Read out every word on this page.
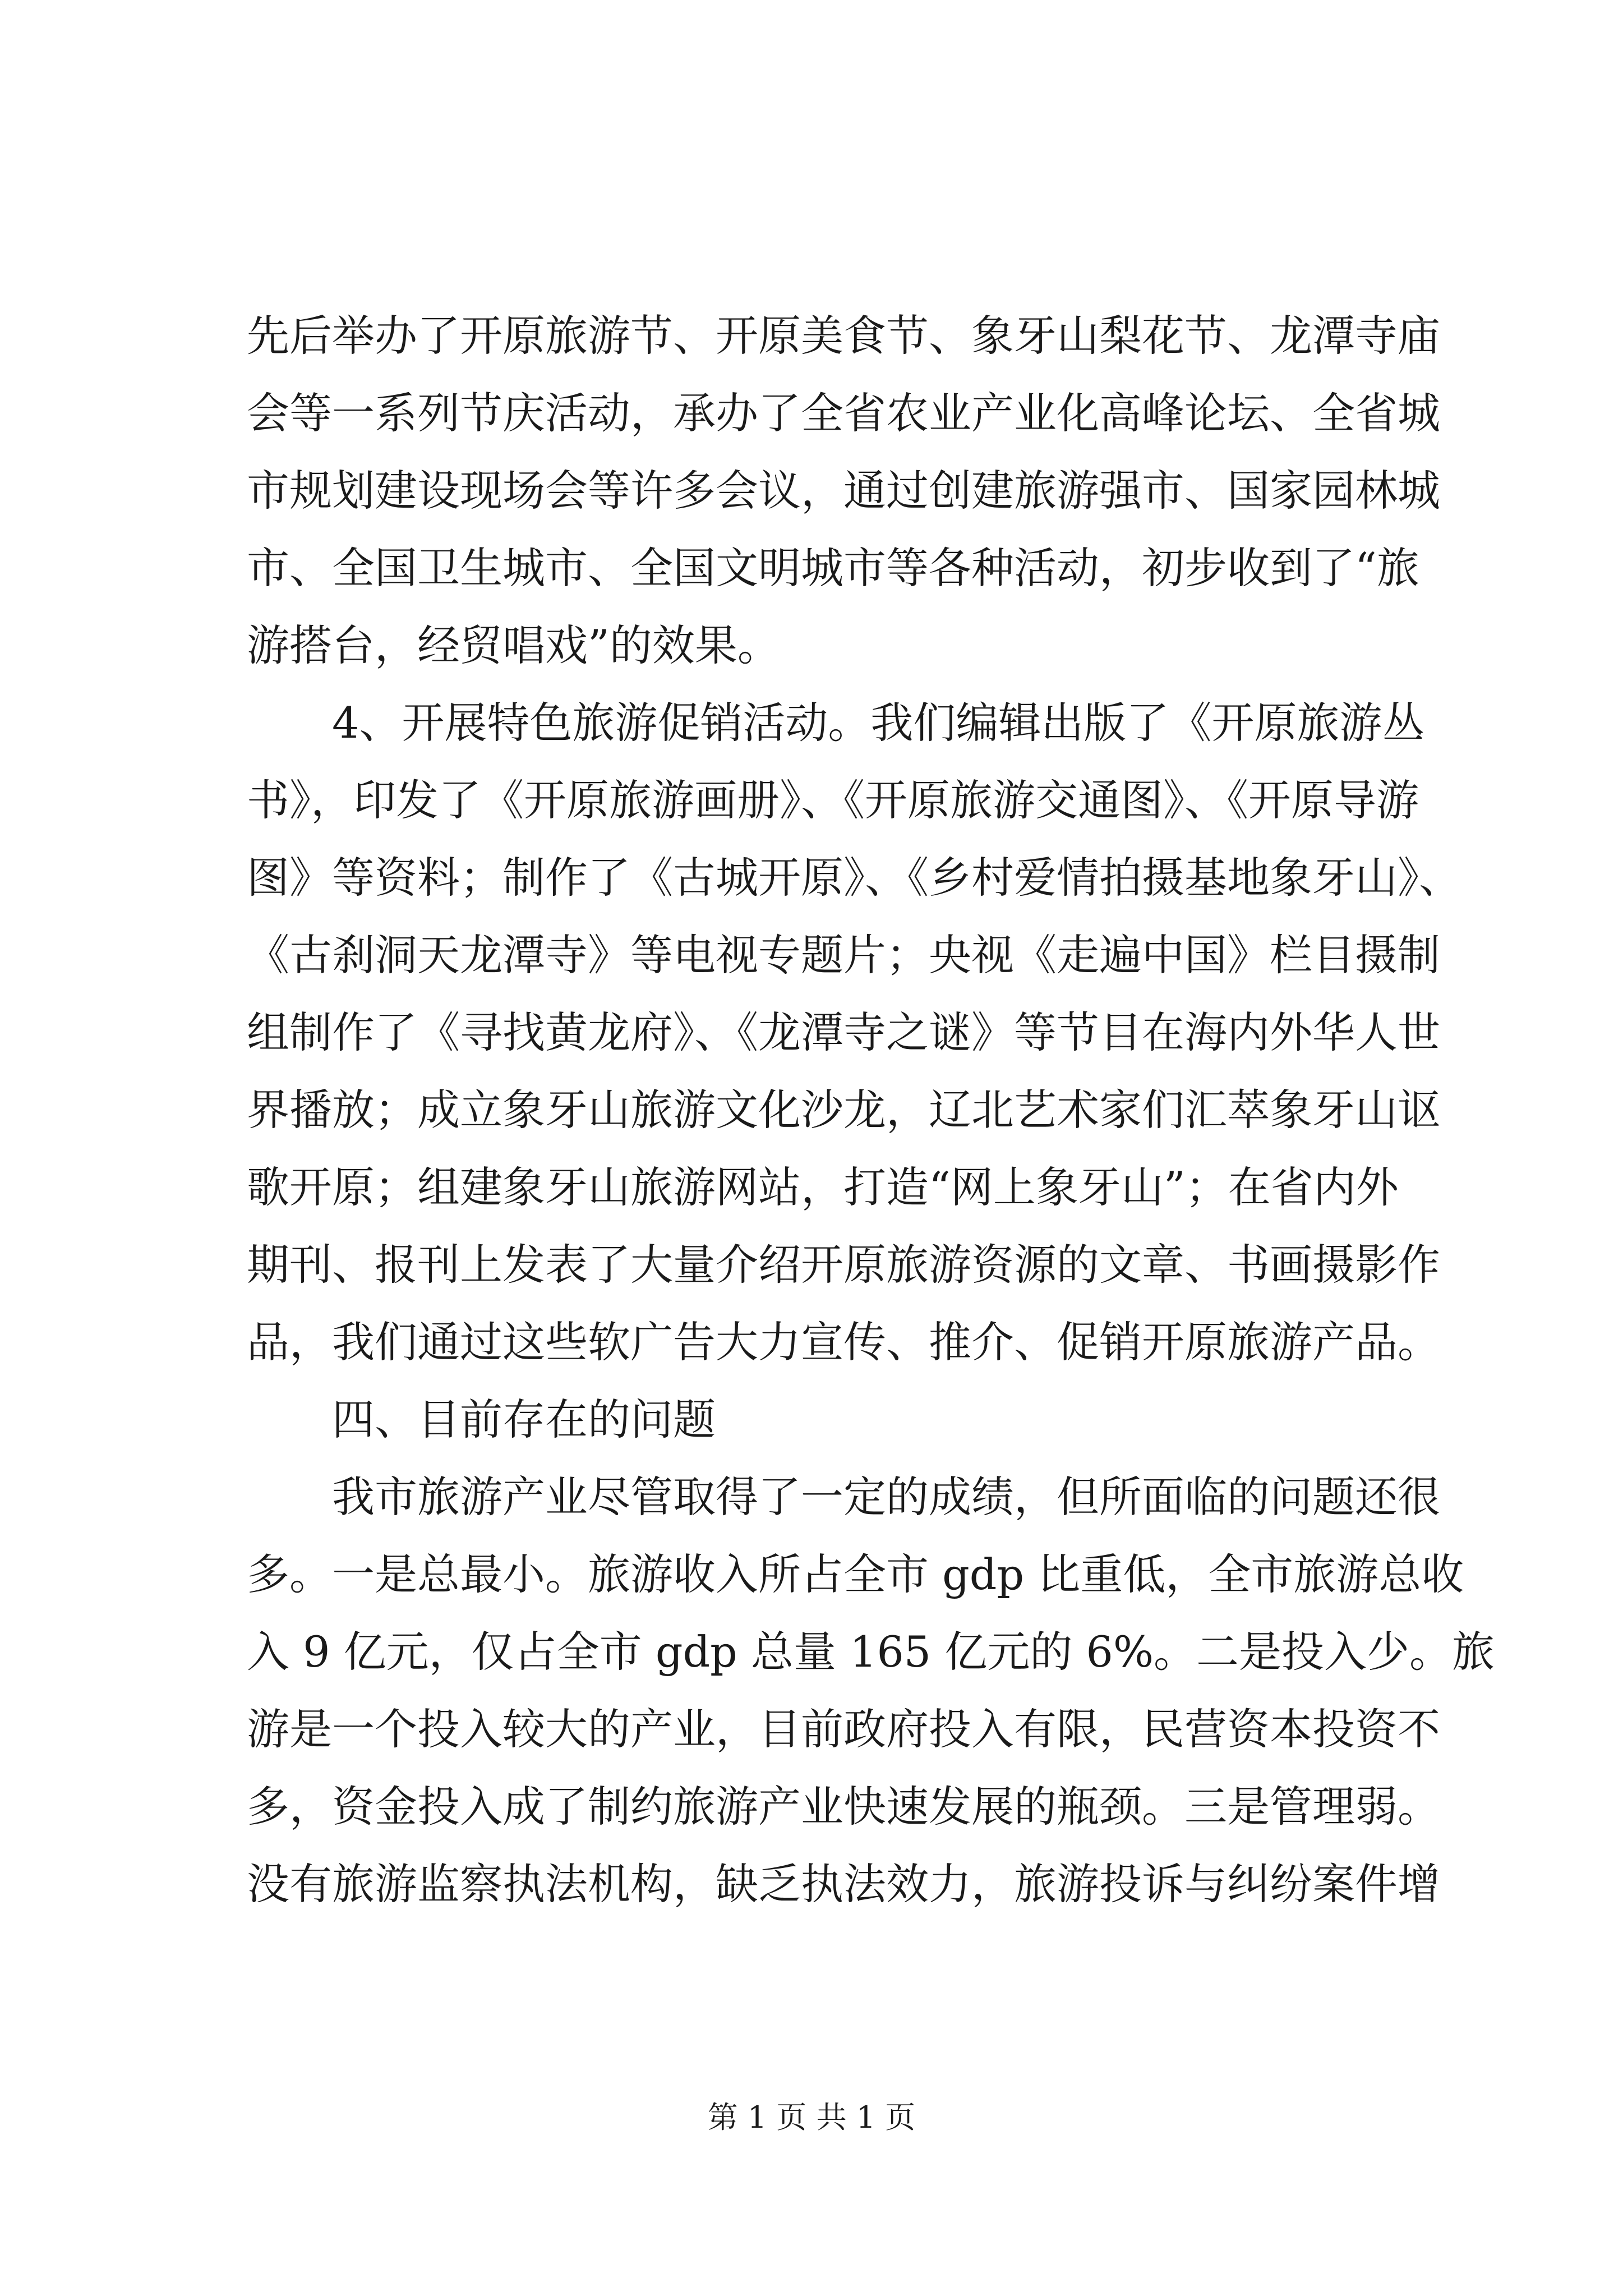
先后举办了开原旅游节、开原美食节、象牙山梨花节、龙潭寺庙
会等一系列节庆活动，承办了全省农业产业化高峰论坛、全省城
市规划建设现场会等许多会议，通过创建旅游强市、国家园林城
市、全国卫生城市、全国文明城市等各种活动，初步收到了“旅
游搭台，经贸唱戏”的效果。
4、开展特色旅游促销活动。我们编辑出版了《开原旅游丛
书》，印发了《开原旅游画册》、《开原旅游交通图》、《开原导游
图》等资料；制作了《古城开原》、《乡村爱情拍摄基地象牙山》、
《古刹洞天龙潭寺》等电视专题片；央视《走遍中国》栏目摄制
组制作了《寻找黄龙府》、《龙潭寺之谜》等节目在海内外华人世
界播放；成立象牙山旅游文化沙龙，辽北艺术家们汇萃象牙山讴
歌开原；组建象牙山旅游网站，打造“网上象牙山”；在省内外
期刊、报刊上发表了大量介绍开原旅游资源的文章、书画摄影作
品，我们通过这些软广告大力宣传、推介、促销开原旅游产品。
四、目前存在的问题
我市旅游产业尽管取得了一定的成绩，但所面临的问题还很
多。一是总最小。旅游收入所占全市 gdp 比重低，全市旅游总收
入 9 亿元，仅占全市 gdp 总量 165 亿元的 6%。二是投入少。旅
游是一个投入较大的产业，目前政府投入有限，民营资本投资不
多，资金投入成了制约旅游产业快速发展的瓶颈。三是管理弱。
没有旅游监察执法机构，缺乏执法效力，旅游投诉与纠纷案件增
第 1 页 共 1 页
